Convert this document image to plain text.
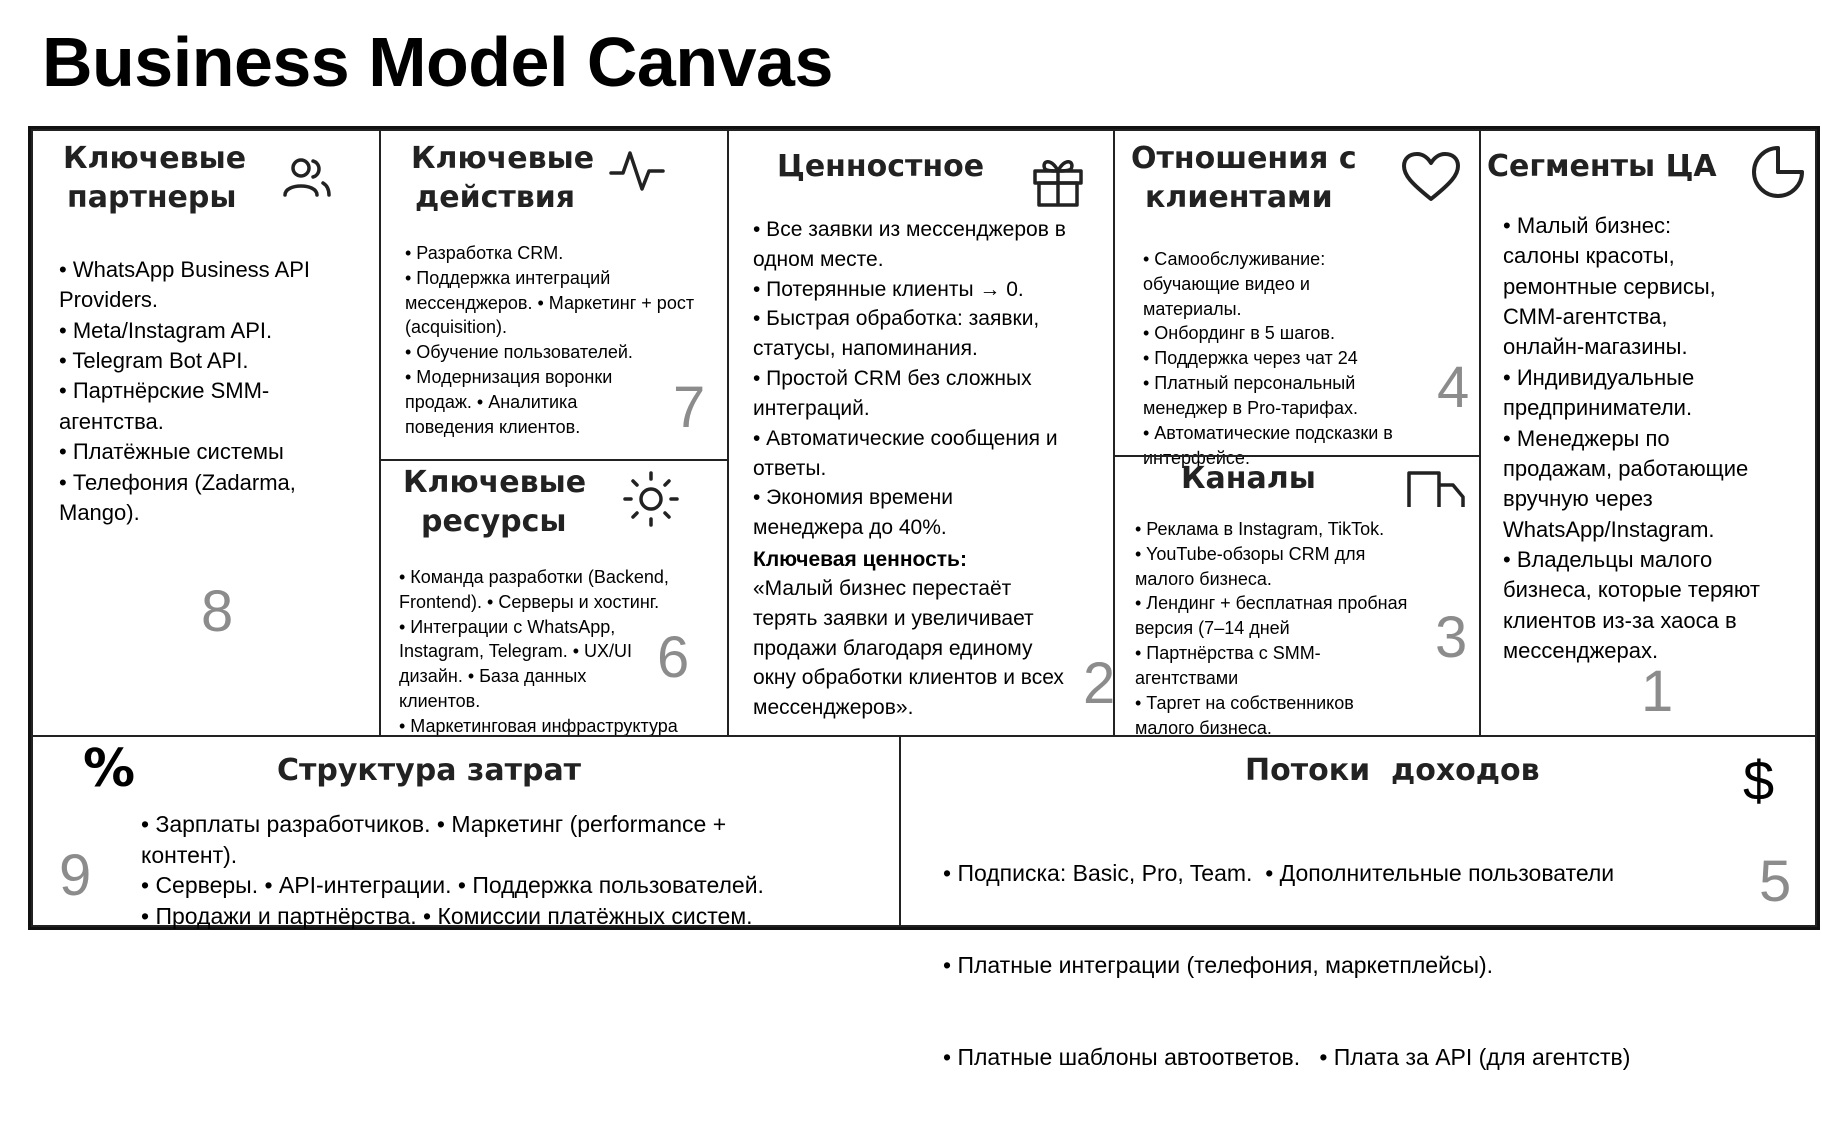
Business Model Canvas
Ключевые
партнеры
• WhatsApp Business API Providers.
• Meta/Instagram API.
• Telegram Bot API.
• Партнёрские SMM-агентства.
• Платёжные системы
• Телефония (Zadarma, Mango).
8
Ключевые
действия
• Разработка CRM.
• Поддержка интеграций мессенджеров. • Маркетинг + рост (acquisition).
• Обучение пользователей.
• Модернизация воронки продаж. • Аналитика поведения клиентов.	7
Ключевые
ресурсы
• Команда разработки (Backend, Frontend). • Серверы и хостинг.
• Интеграции с WhatsApp, Instagram, Telegram. • UX/UI дизайн. • База данных клиентов.
• Маркетинговая инфраструктура
6
Ценностное
• Все заявки из мессенджеров в одном месте.
• Потерянные клиенты → 0.
• Быстрая обработка: заявки, статусы, напоминания.
• Простой CRM без сложных интеграций.
• Автоматические сообщения и ответы.
• Экономия времени менеджера до 40%.
Ключевая ценность:
«Малый бизнес перестаёт терять заявки и увеличивает продажи благодаря единому окну обработки клиентов и всех мессенджеров».	2
Отношения с
клиентами
• Самообслуживание: обучающие видео и материалы.
• Онбординг в 5 шагов.
• Поддержка через чат 24
• Платный персональный менеджер в Pro-тарифах.
• Автоматические подсказки в интерфейсе.
4
Каналы
• Реклама в Instagram, TikTok.
• YouTube-обзоры CRM для малого бизнеса.
• Лендинг + бесплатная пробная версия (7–14 дней
• Партнёрства с SMM-агентствами
• Таргет на собственников малого бизнеса.
3
Сегменты ЦА
• Малый бизнес: салоны красоты, ремонтные сервисы, СММ-агентства, онлайн-магазины.
• Индивидуальные предприниматели.
• Менеджеры по продажам, работающие вручную через WhatsApp/Instagram.
• Владельцы малого бизнеса, которые теряют клиентов из-за хаоса в мессенджерах.
1
%	Структура затрат
• Зарплаты разработчиков. • Маркетинг (performance + контент).
• Серверы. • API-интеграции. • Поддержка пользователей.
• Продажи и партнёрства. • Комиссии платёжных систем.
9
Потоки  доходов	$

• Подписка: Basic, Pro, Team.  • Дополнительные пользователи

• Платные интеграции (телефония, маркетплейсы).

• Платные шаблоны автоответов.   • Плата за API (для агентств)

5
